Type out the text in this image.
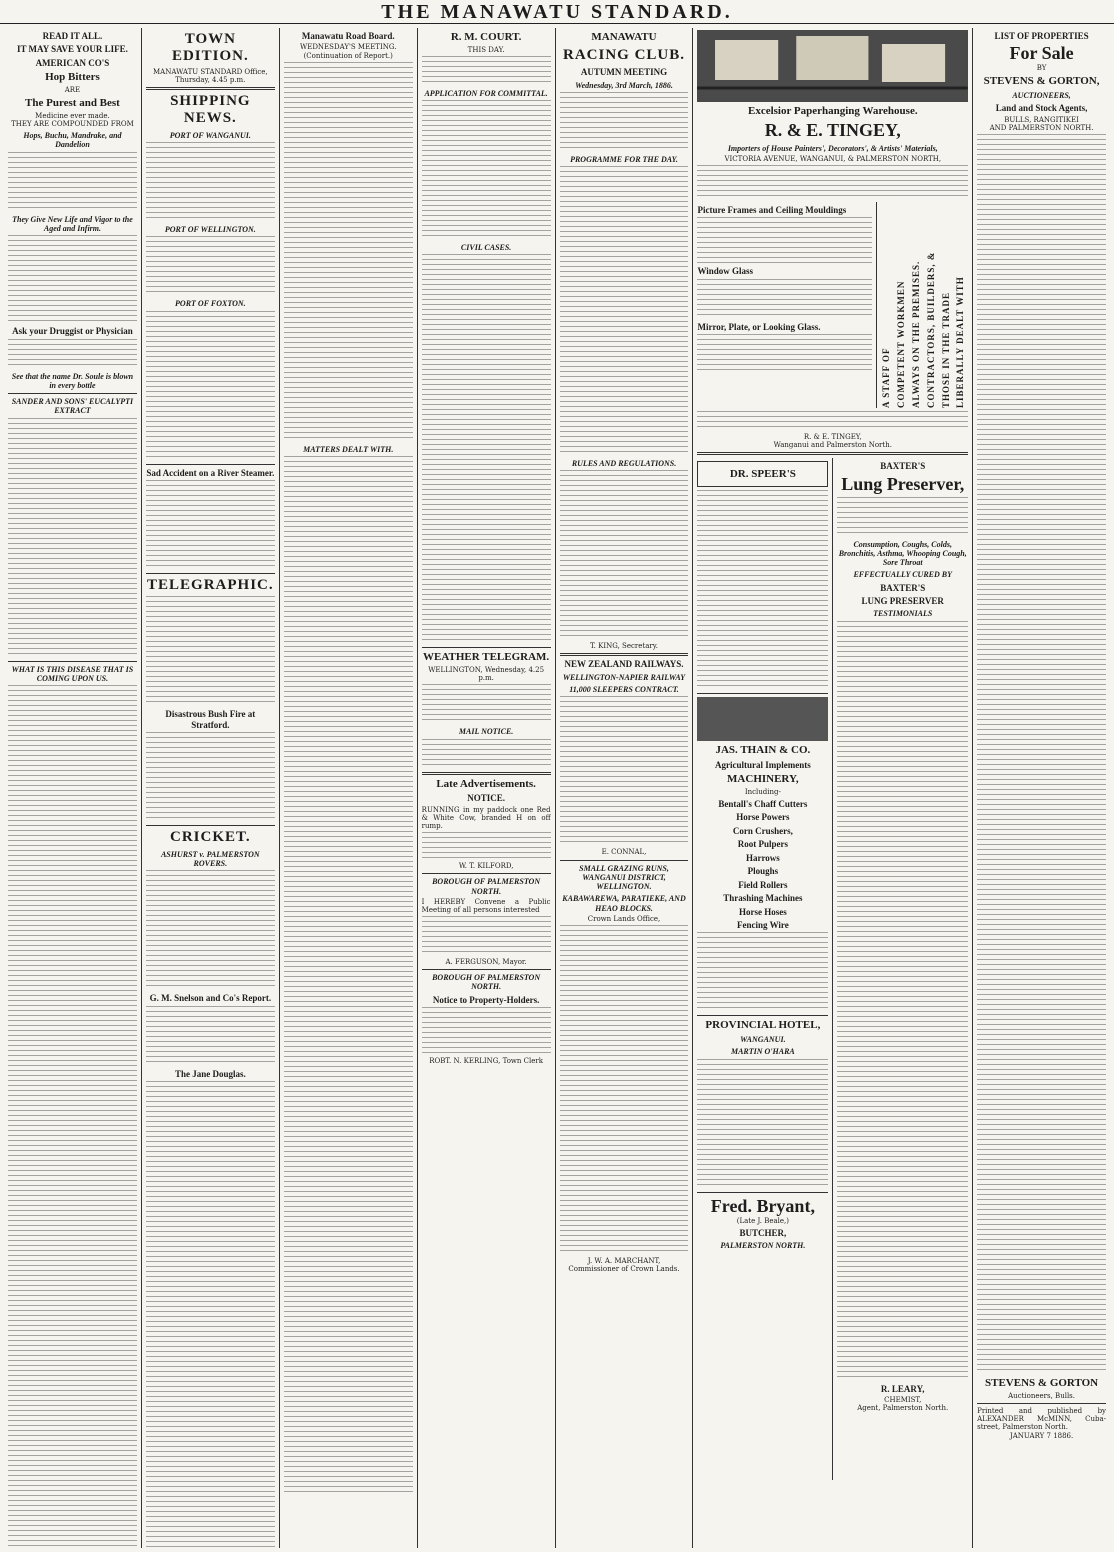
THE MANAWATU STANDARD.
READ IT ALL.
IT MAY SAVE YOUR LIFE.
AMERICAN CO'S
Hop Bitters
ARE
The Purest and Best
Medicine ever made.
THEY ARE COMPOUNDED FROM
Hops, Buchu, Mandrake, and Dandelion
They Give New Life and Vigor to the Aged and Infirm.
Ask your Druggist or Physician
See that the name Dr. Soule is blown in every bottle
SANDER AND SONS' EUCALYPTI EXTRACT
WHAT IS THIS DISEASE THAT IS COMING UPON US.
TOWN EDITION.
MANAWATU STANDARD Office,
Thursday, 4.45 p.m.
SHIPPING NEWS.
PORT OF WANGANUI.
PORT OF WELLINGTON.
PORT OF FOXTON.
Sad Accident on a River Steamer.
TELEGRAPHIC.
Disastrous Bush Fire at Stratford.
CRICKET.
ASHURST v. PALMERSTON ROVERS.
G. M. Snelson and Co's Report.
The Jane Douglas.
Manawatu Road Board.
WEDNESDAY'S MEETING.
(Continuation of Report.)
MATTERS DEALT WITH.
R. M. COURT.
THIS DAY.
APPLICATION FOR COMMITTAL.
CIVIL CASES.
WEATHER TELEGRAM.
WELLINGTON, Wednesday, 4.25 p.m.
MAIL NOTICE.
Late Advertisements.
NOTICE.

RUNNING in my paddock one Red & White Cow, branded H on off rump.

W. T. KILFORD,
BOROUGH OF PALMERSTON NORTH.

I HEREBY Convene a Public Meeting of all persons interested

A. FERGUSON, Mayor.
BOROUGH OF PALMERSTON NORTH.
Notice to Property-Holders.
ROBT. N. KERLING, Town Clerk
MANAWATU
RACING CLUB.
AUTUMN MEETING
Wednesday, 3rd March, 1886.
PROGRAMME FOR THE DAY.
RULES AND REGULATIONS.
T. KING, Secretary.
NEW ZEALAND RAILWAYS.
WELLINGTON-NAPIER RAILWAY
11,000 SLEEPERS CONTRACT.
E. CONNAL,
SMALL GRAZING RUNS, WANGANUI DISTRICT, WELLINGTON.
KABAWAREWA, PARATIEKE, AND HEAO BLOCKS.
Crown Lands Office,
J. W. A. MARCHANT,
Commissioner of Crown Lands.
Excelsior Paperhanging Warehouse.
R. & E. TINGEY,
Importers of House Painters', Decorators', & Artists' Materials,
VICTORIA AVENUE, WANGANUI, & PALMERSTON NORTH,
Picture Frames and Ceiling Mouldings
Window Glass
Mirror, Plate, or Looking Glass.
A STAFF OF COMPETENT WORKMEN ALWAYS ON THE PREMISES. CONTRACTORS, BUILDERS, & THOSE IN THE TRADE LIBERALLY DEALT WITH
R. & E. TINGEY,
Wanganui and Palmerston North.
DR. SPEER'S
JAS. THAIN & CO.
Agricultural Implements
MACHINERY,
Including-
Bentall's Chaff Cutters
Horse Powers
Corn Crushers,
Root Pulpers
Harrows
Ploughs
Field Rollers
Thrashing Machines
Horse Hoses
Fencing Wire
PROVINCIAL HOTEL,
WANGANUI.
MARTIN O'HARA
Fred. Bryant,
(Late J. Beale,)
BUTCHER,
PALMERSTON NORTH.
BAXTER'S
Lung Preserver,
Consumption, Coughs, Colds, Bronchitis, Asthma, Whooping Cough, Sore Throat
EFFECTUALLY CURED BY
BAXTER'S
LUNG PRESERVER
TESTIMONIALS
R. LEARY,
CHEMIST,
Agent, Palmerston North.
LIST OF PROPERTIES
For Sale
BY
STEVENS & GORTON,
AUCTIONEERS,
Land and Stock Agents,
BULLS, RANGITIKEI
AND PALMERSTON NORTH.
STEVENS & GORTON
Auctioneers, Bulls.

Printed and published by ALEXANDER McMINN, Cuba-street, Palmerston North.

JANUARY 7 1886.
